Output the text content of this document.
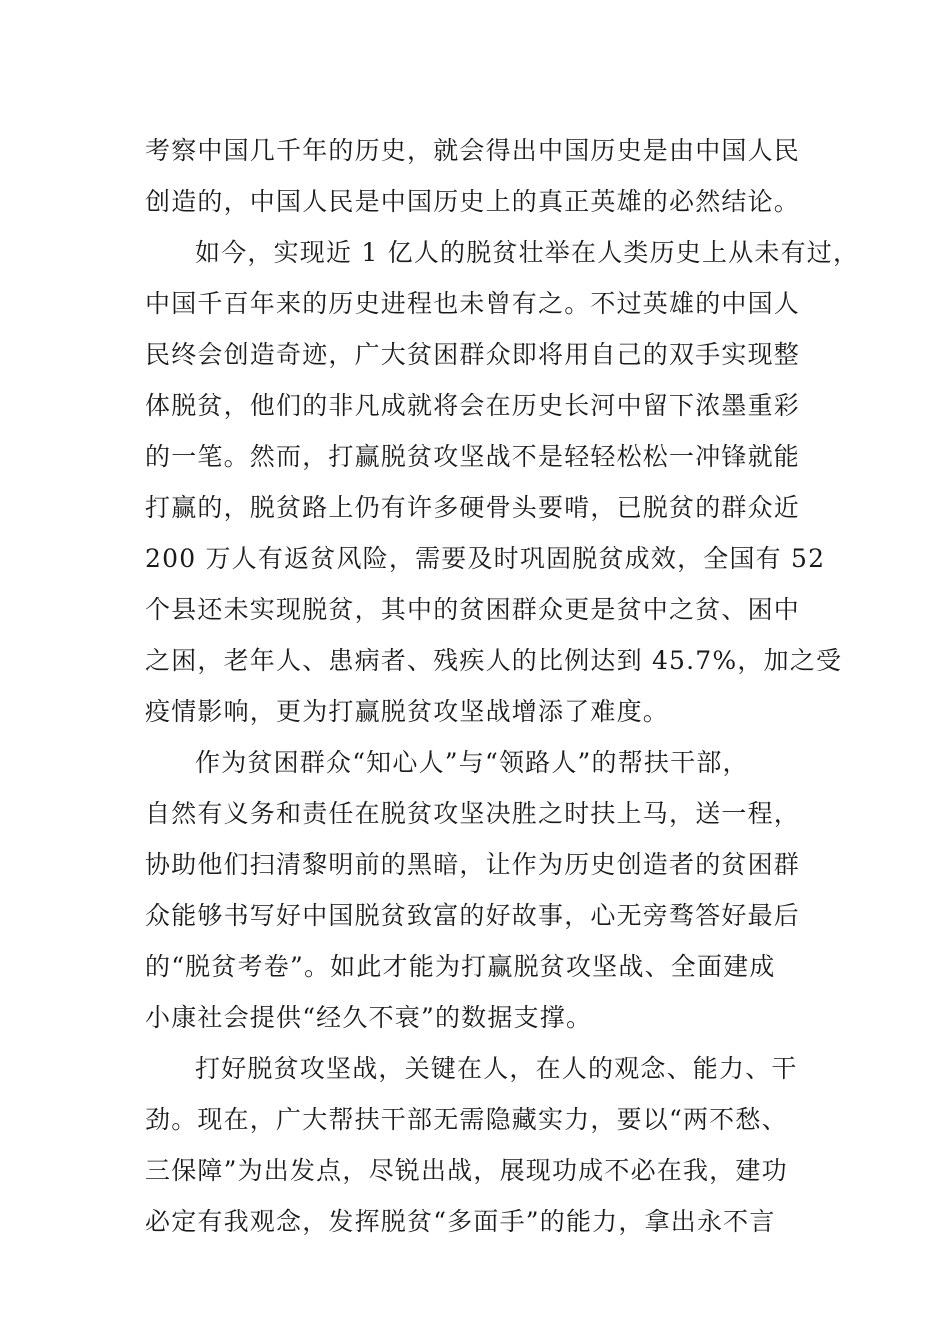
考察中国几千年的历史，就会得出中国历史是由中国人民
创造的，中国人民是中国历史上的真正英雄的必然结论。
如今，实现近 1 亿人的脱贫壮举在人类历史上从未有过，
中国千百年来的历史进程也未曾有之。不过英雄的中国人
民终会创造奇迹，广大贫困群众即将用自己的双手实现整
体脱贫，他们的非凡成就将会在历史长河中留下浓墨重彩
的一笔。然而，打赢脱贫攻坚战不是轻轻松松一冲锋就能
打赢的，脱贫路上仍有许多硬骨头要啃，已脱贫的群众近
200 万人有返贫风险，需要及时巩固脱贫成效，全国有 52
个县还未实现脱贫，其中的贫困群众更是贫中之贫、困中
之困，老年人、患病者、残疾人的比例达到 45.7%，加之受
疫情影响，更为打赢脱贫攻坚战增添了难度。
作为贫困群众“知心人”与“领路人”的帮扶干部，
自然有义务和责任在脱贫攻坚决胜之时扶上马，送一程，
协助他们扫清黎明前的黑暗，让作为历史创造者的贫困群
众能够书写好中国脱贫致富的好故事，心无旁骛答好最后
的“脱贫考卷”。如此才能为打赢脱贫攻坚战、全面建成
小康社会提供“经久不衰”的数据支撑。
打好脱贫攻坚战，关键在人，在人的观念、能力、干
劲。现在，广大帮扶干部无需隐藏实力，要以“两不愁、
三保障”为出发点，尽锐出战，展现功成不必在我，建功
必定有我观念，发挥脱贫“多面手”的能力，拿出永不言
